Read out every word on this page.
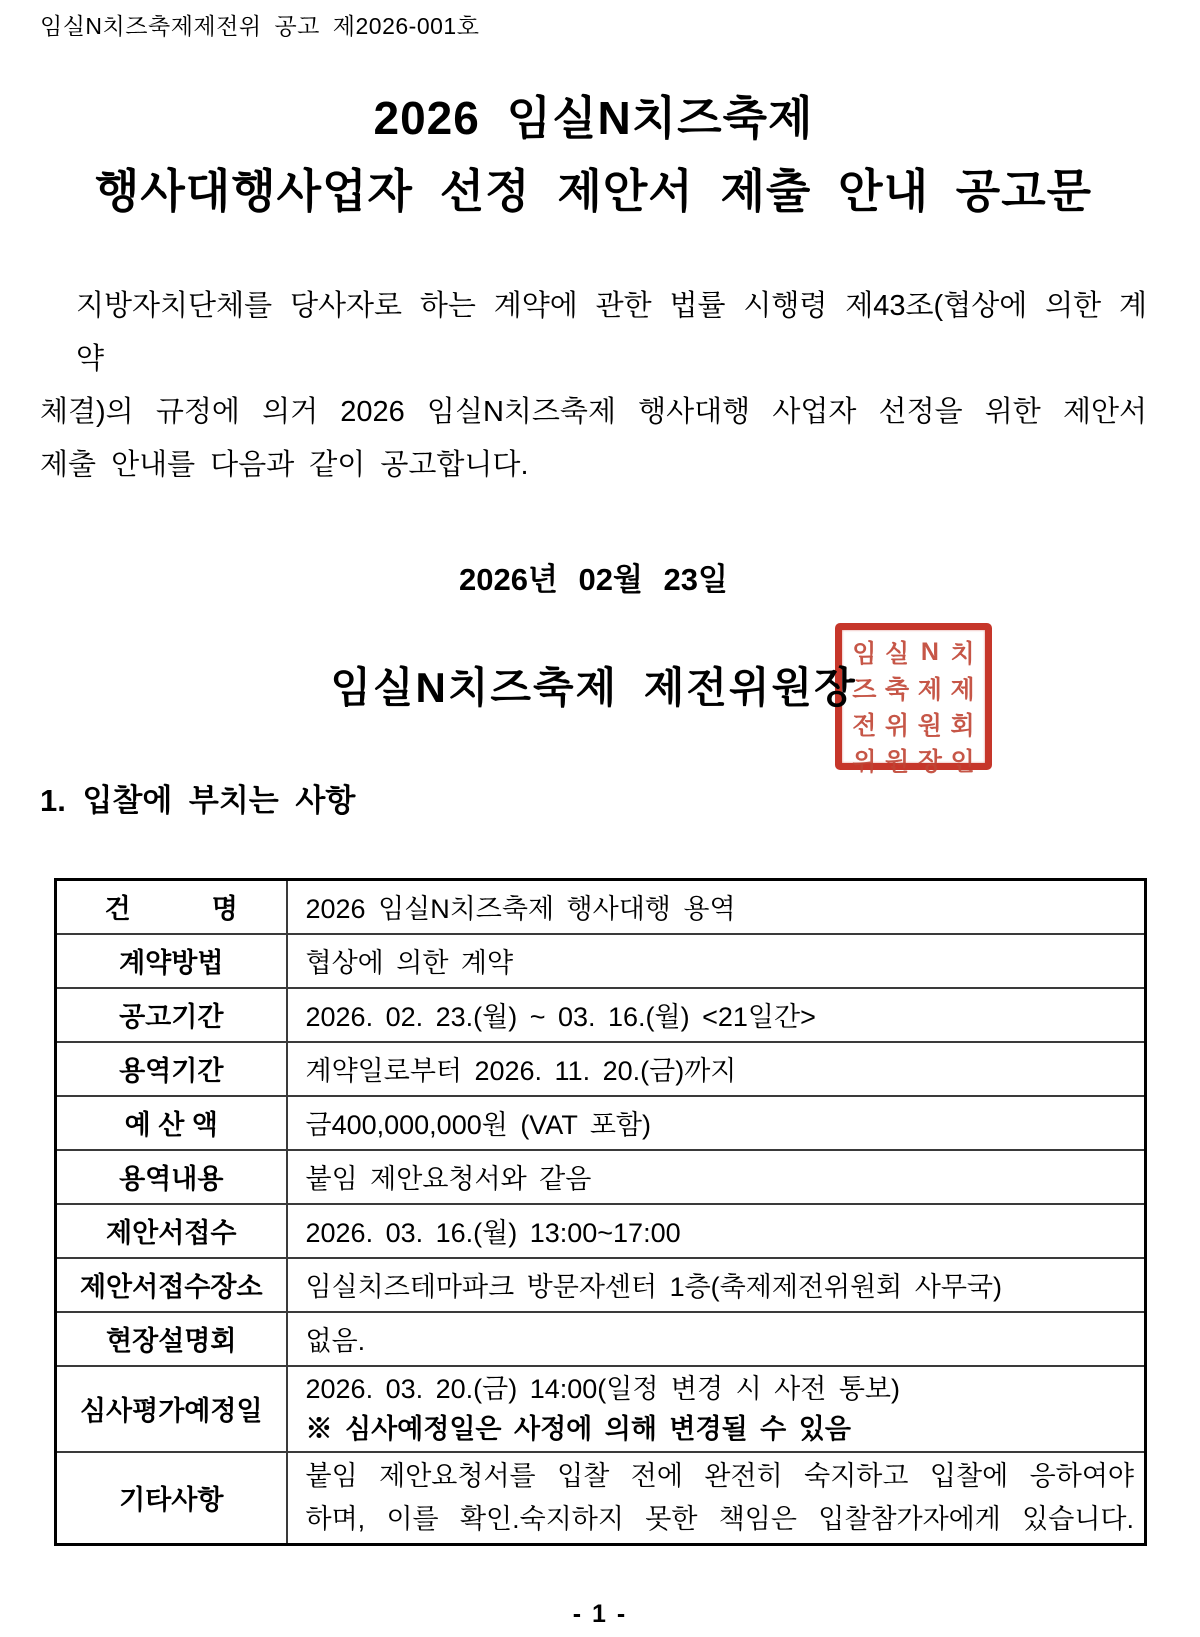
임실N치즈축제제전위 공고 제2026-001호
2026 임실N치즈축제
행사대행사업자 선정 제안서 제출 안내 공고문
지방자치단체를 당사자로 하는 계약에 관한 법률 시행령 제43조(협상에 의한 계약
체결)의 규정에 의거 2026 임실N치즈축제 행사대행 사업자 선정을 위한 제안서
제출 안내를 다음과 같이 공고합니다.
2026년 02월 23일
임실N치즈축제 제전위원장
임 실 N 치
즈 축 제 제
전 위 원 회
위 원 장 인
1. 입찰에 부치는 사항
건　　　명	2026 임실N치즈축제 행사대행 용역
계약방법	협상에 의한 계약
공고기간	2026. 02. 23.(월) ~ 03. 16.(월) <21일간>
용역기간	계약일로부터 2026. 11. 20.(금)까지
예 산 액	금400,000,000원 (VAT 포함)
용역내용	붙임 제안요청서와 같음
제안서접수	2026. 03. 16.(월) 13:00~17:00
제안서접수장소	임실치즈테마파크 방문자센터 1층(축제제전위원회 사무국)
현장설명회	없음.
심사평가예정일	2026. 03. 20.(금) 14:00(일정 변경 시 사전 통보)
※ 심사예정일은 사정에 의해 변경될 수 있음

기타사항	붙임 제안요청서를 입찰 전에 완전히 숙지하고 입찰에 응하여야
하며, 이를 확인.숙지하지 못한 책임은 입찰참가자에게 있습니다.
- 1 -
